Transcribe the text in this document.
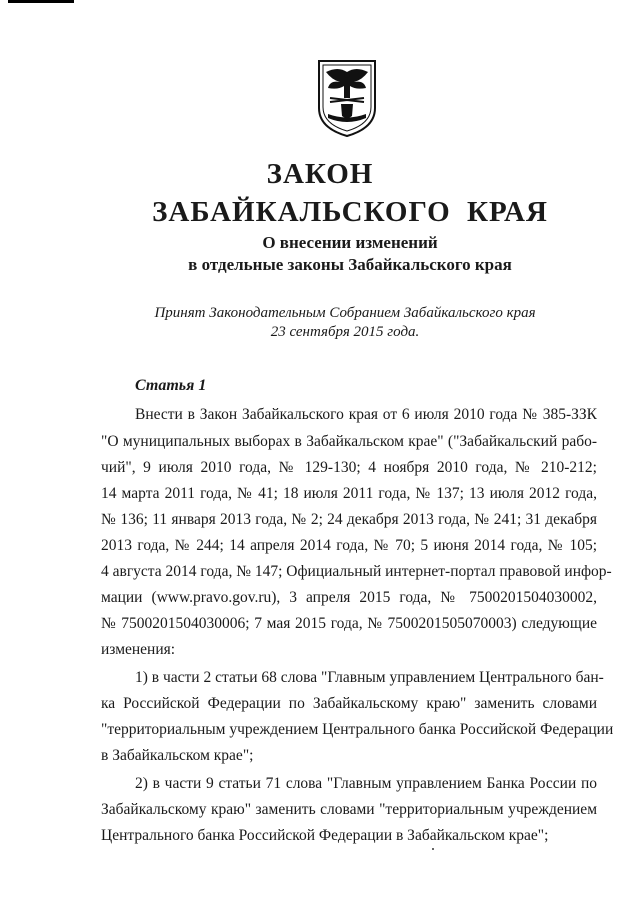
ЗАКОН
ЗАБАЙКАЛЬСКОГО КРАЯ
О внесении изменений
в отдельные законы Забайкальского края
Принят Законодательным Собранием Забайкальского края
23 сентября 2015 года.
Статья 1
Внести в Закон Забайкальского края от 6 июля 2010 года № 385-ЗЗК
"О муниципальных выборах в Забайкальском крае" ("Забайкальский рабо-
чий", 9 июля 2010 года, № 129-130; 4 ноября 2010 года, № 210-212;
14 марта 2011 года, № 41; 18 июля 2011 года, № 137; 13 июля 2012 года,
№ 136; 11 января 2013 года, № 2; 24 декабря 2013 года, № 241; 31 декабря
2013 года, № 244; 14 апреля 2014 года, № 70; 5 июня 2014 года, № 105;
4 августа 2014 года, № 147; Официальный интернет-портал правовой инфор-
мации (www.pravo.gov.ru), 3 апреля 2015 года, № 7500201504030002,
№ 7500201504030006; 7 мая 2015 года, № 7500201505070003) следующие
изменения:
1) в части 2 статьи 68 слова "Главным управлением Центрального бан-
ка Российской Федерации по Забайкальскому краю" заменить словами
"территориальным учреждением Центрального банка Российской Федерации
в Забайкальском крае";
2) в части 9 статьи 71 слова "Главным управлением Банка России по
Забайкальскому краю" заменить словами "территориальным учреждением
Центрального банка Российской Федерации в Забайкальском крае";
